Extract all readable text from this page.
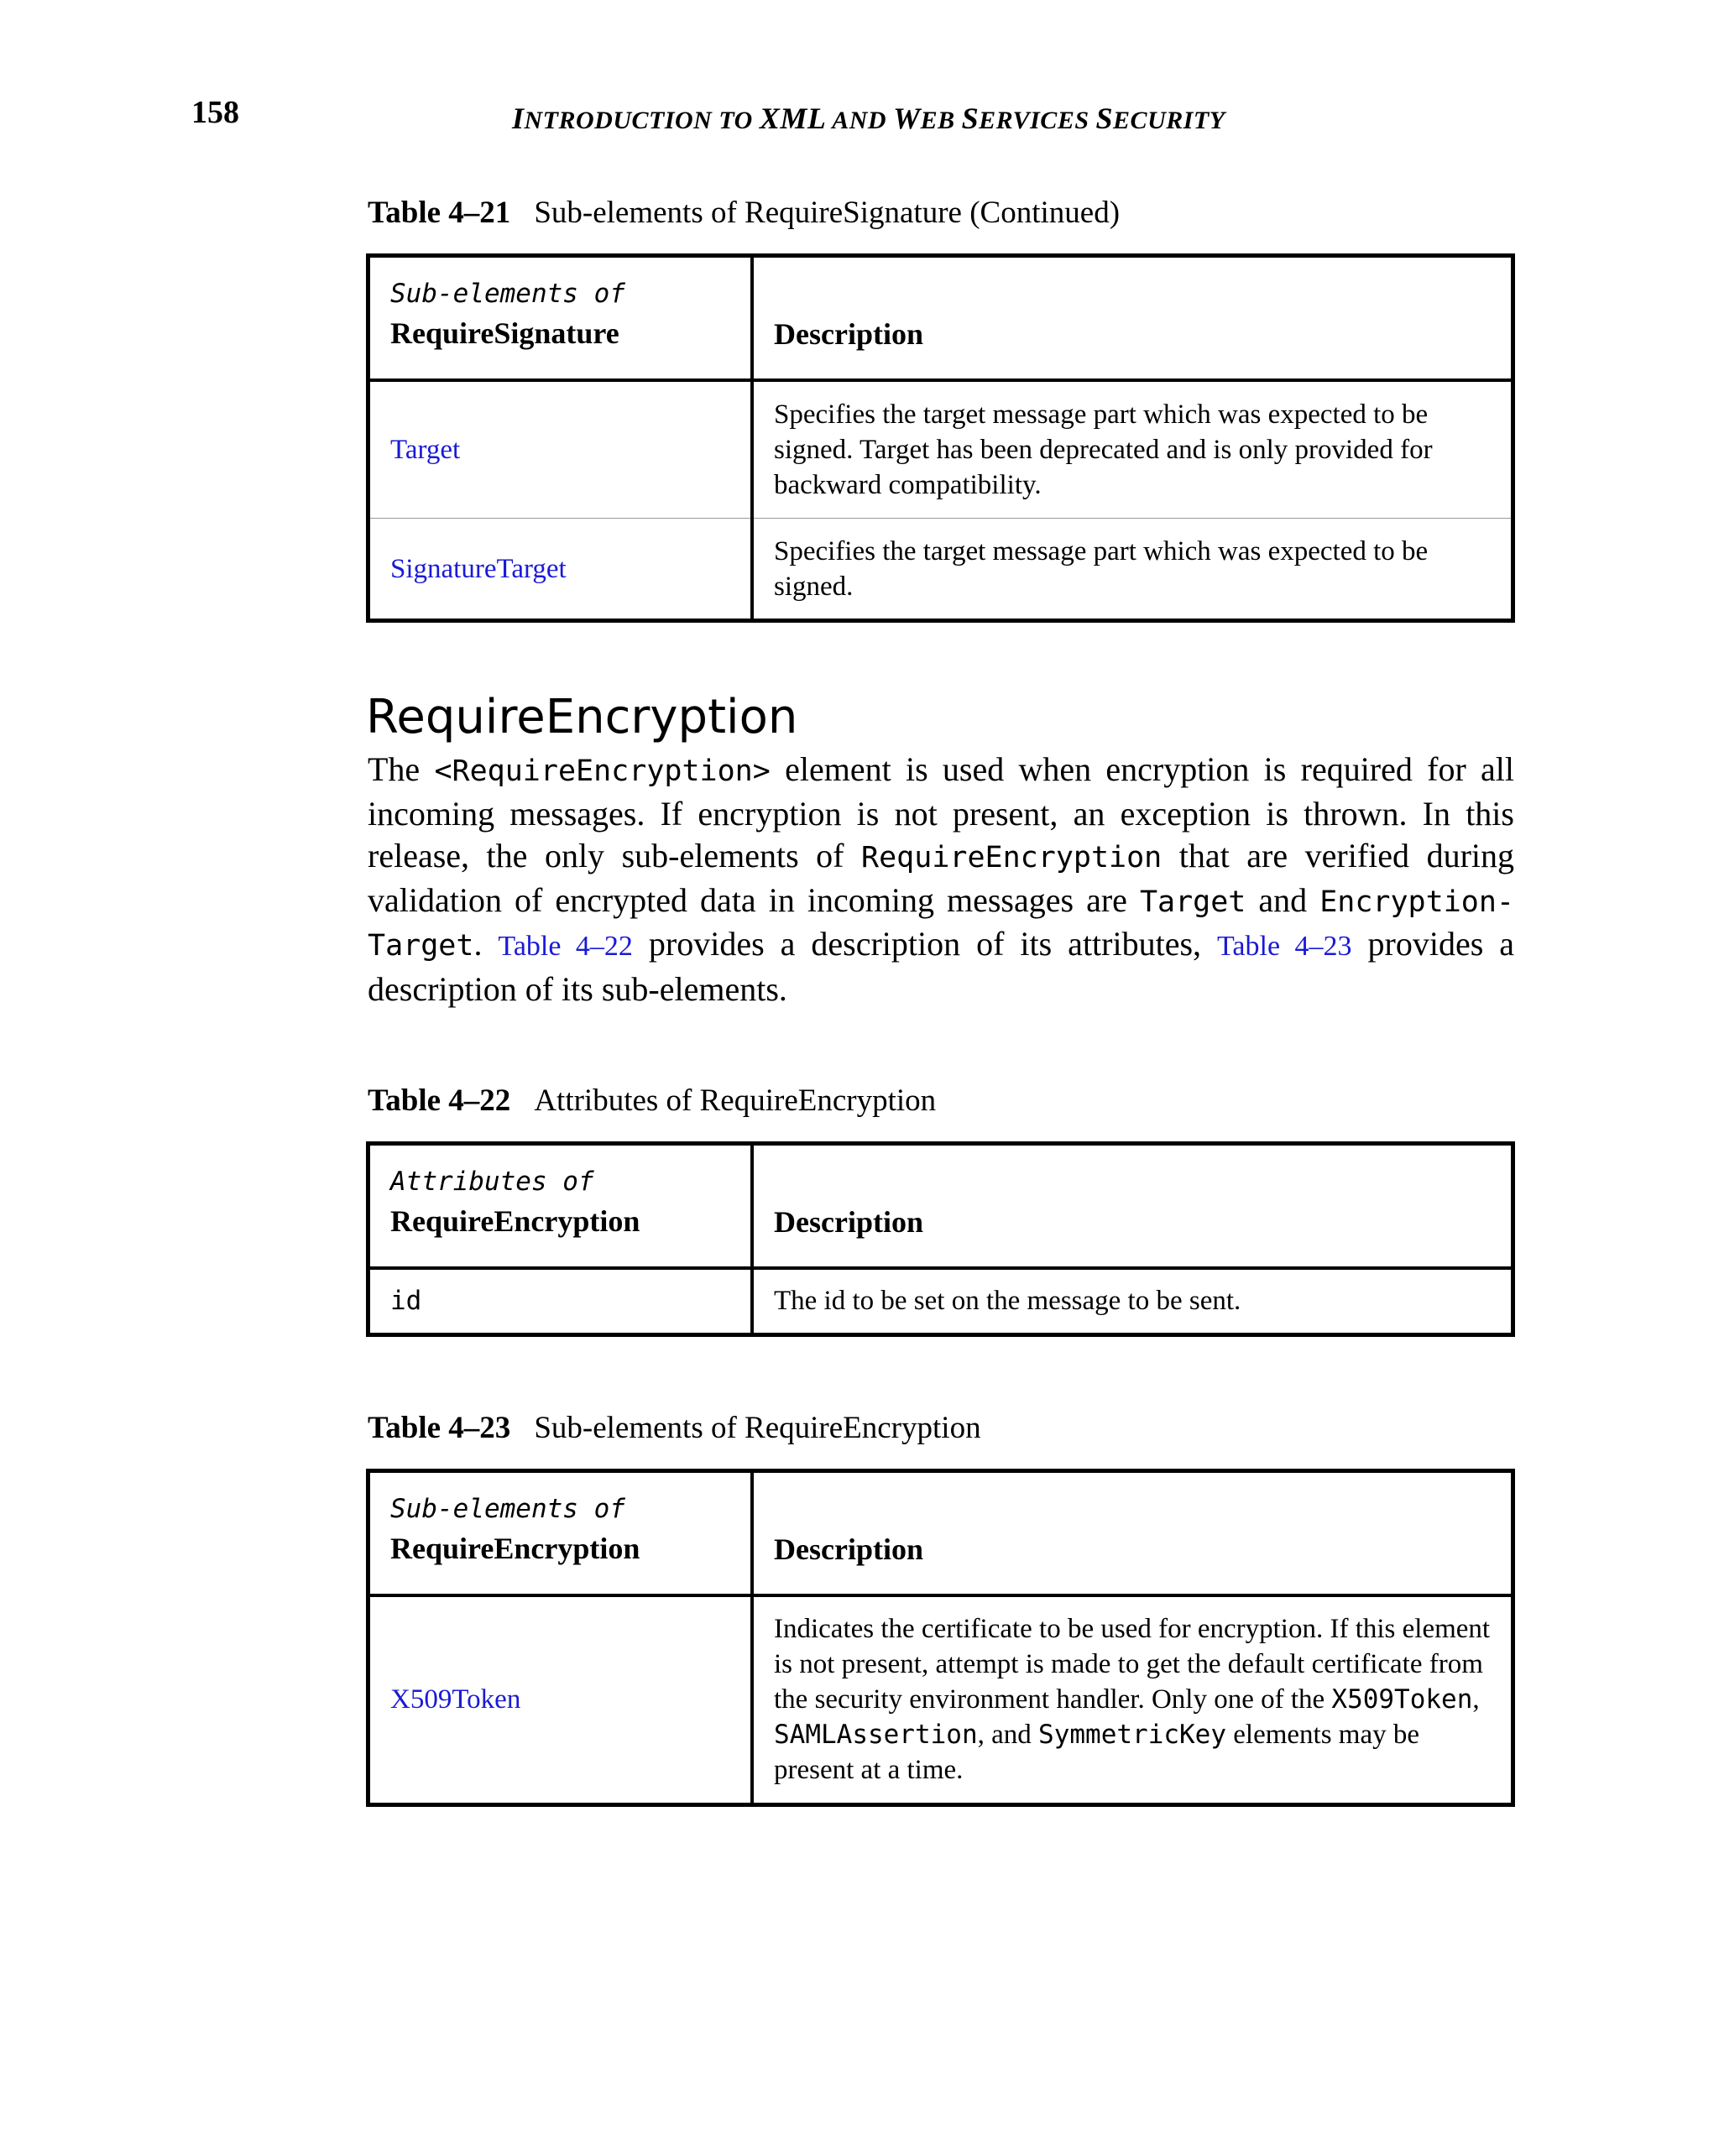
158	INTRODUCTION TO XML AND WEB SERVICES SECURITY
Table 4–21 Sub-elements of RequireSignature (Continued)
Sub-elements of
RequireSignature	Description
Target	Specifies the target message part which was expected to be signed. Target has been deprecated and is only provided for backward compatibility.
SignatureTarget	Specifies the target message part which was expected to be signed.
RequireEncryption
The <RequireEncryption> element is used when encryption is required for all incoming messages. If encryption is not present, an exception is thrown. In this release, the only sub-elements of RequireEncryption that are verified during validation of encrypted data in incoming messages are Target and Encryption-Target. Table 4–22 provides a description of its attributes, Table 4–23 provides a description of its sub-elements.
Table 4–22 Attributes of RequireEncryption
Attributes of
RequireEncryption	Description
id	The id to be set on the message to be sent.
Table 4–23 Sub-elements of RequireEncryption
Sub-elements of
RequireEncryption	Description
X509Token	Indicates the certificate to be used for encryption. If this element is not present, attempt is made to get the default certificate from the security environment handler. Only one of the X509Token, SAMLAssertion, and SymmetricKey elements may be present at a time.
